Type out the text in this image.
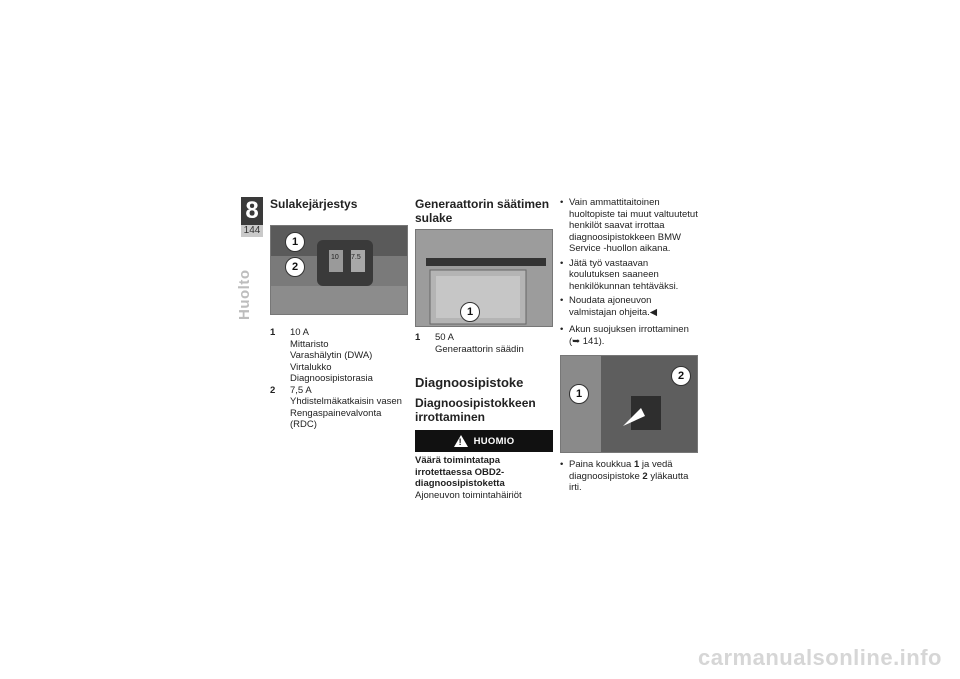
8
144
Huolto
Sulakejärjestys
1
2
10 7.5
1	10 A
Mittaristo
Varashälytin (DWA)
Virtalukko
Diagnoosipistorasia
2	7,5 A
Yhdistelmäkatkaisin vasen
Rengaspainevalvonta
(RDC)
Generaattorin säätimen sulake
1
1	50 A
Generaattorin säädin
Diagnoosipistoke
Diagnoosipistokkeen irrottaminen
! HUOMIO
Väärä toimintatapa irrotettaessa OBD2-diagnoosipistoketta
Ajoneuvon toimintahäiriöt
• Vain ammattitaitoinen huoltopiste tai muut valtuutetut henkilöt saavat irrottaa diagnoosipistokkeen BMW Service -huollon aikana.
• Jätä työ vastaavan koulutuksen saaneen henkilökunnan tehtäväksi.
• Noudata ajoneuvon valmistajan ohjeita.◀
• Akun suojuksen irrottaminen (➥ 141).
1
2
• Paina koukkua 1 ja vedä diagnoosipistoke 2 yläkautta irti.
carmanualsonline.info
